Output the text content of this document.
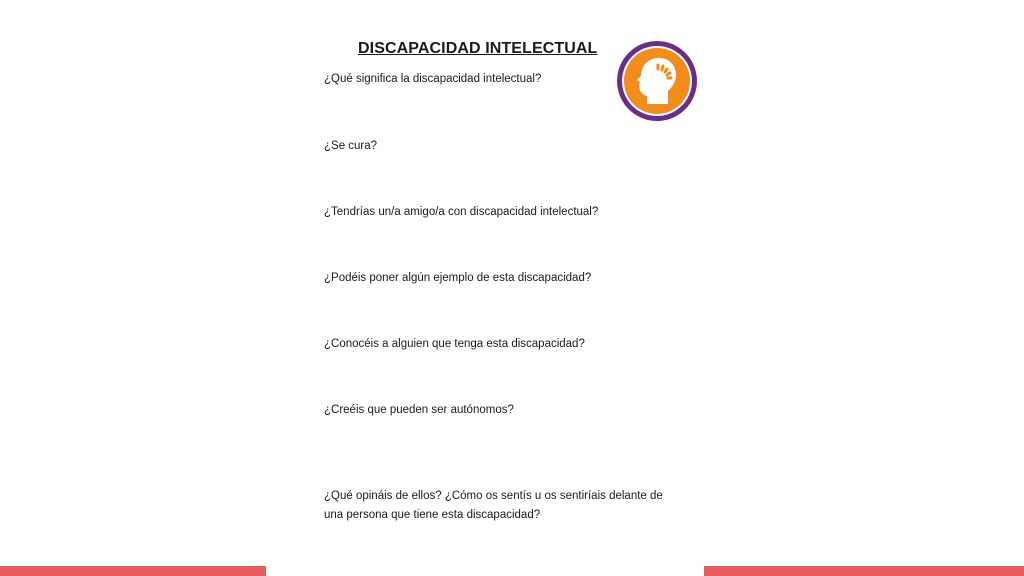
DISCAPACIDAD INTELECTUAL
¿Qué significa la discapacidad intelectual?
¿Se cura?
¿Tendrías un/a amigo/a con discapacidad intelectual?
¿Podéis poner algún ejemplo de esta discapacidad?
¿Conocéis a alguien que tenga esta discapacidad?
¿Creéis que pueden ser autónomos?
¿Qué opináis de ellos? ¿Cómo os sentís u os sentiríais delante de una persona que tiene esta discapacidad?
